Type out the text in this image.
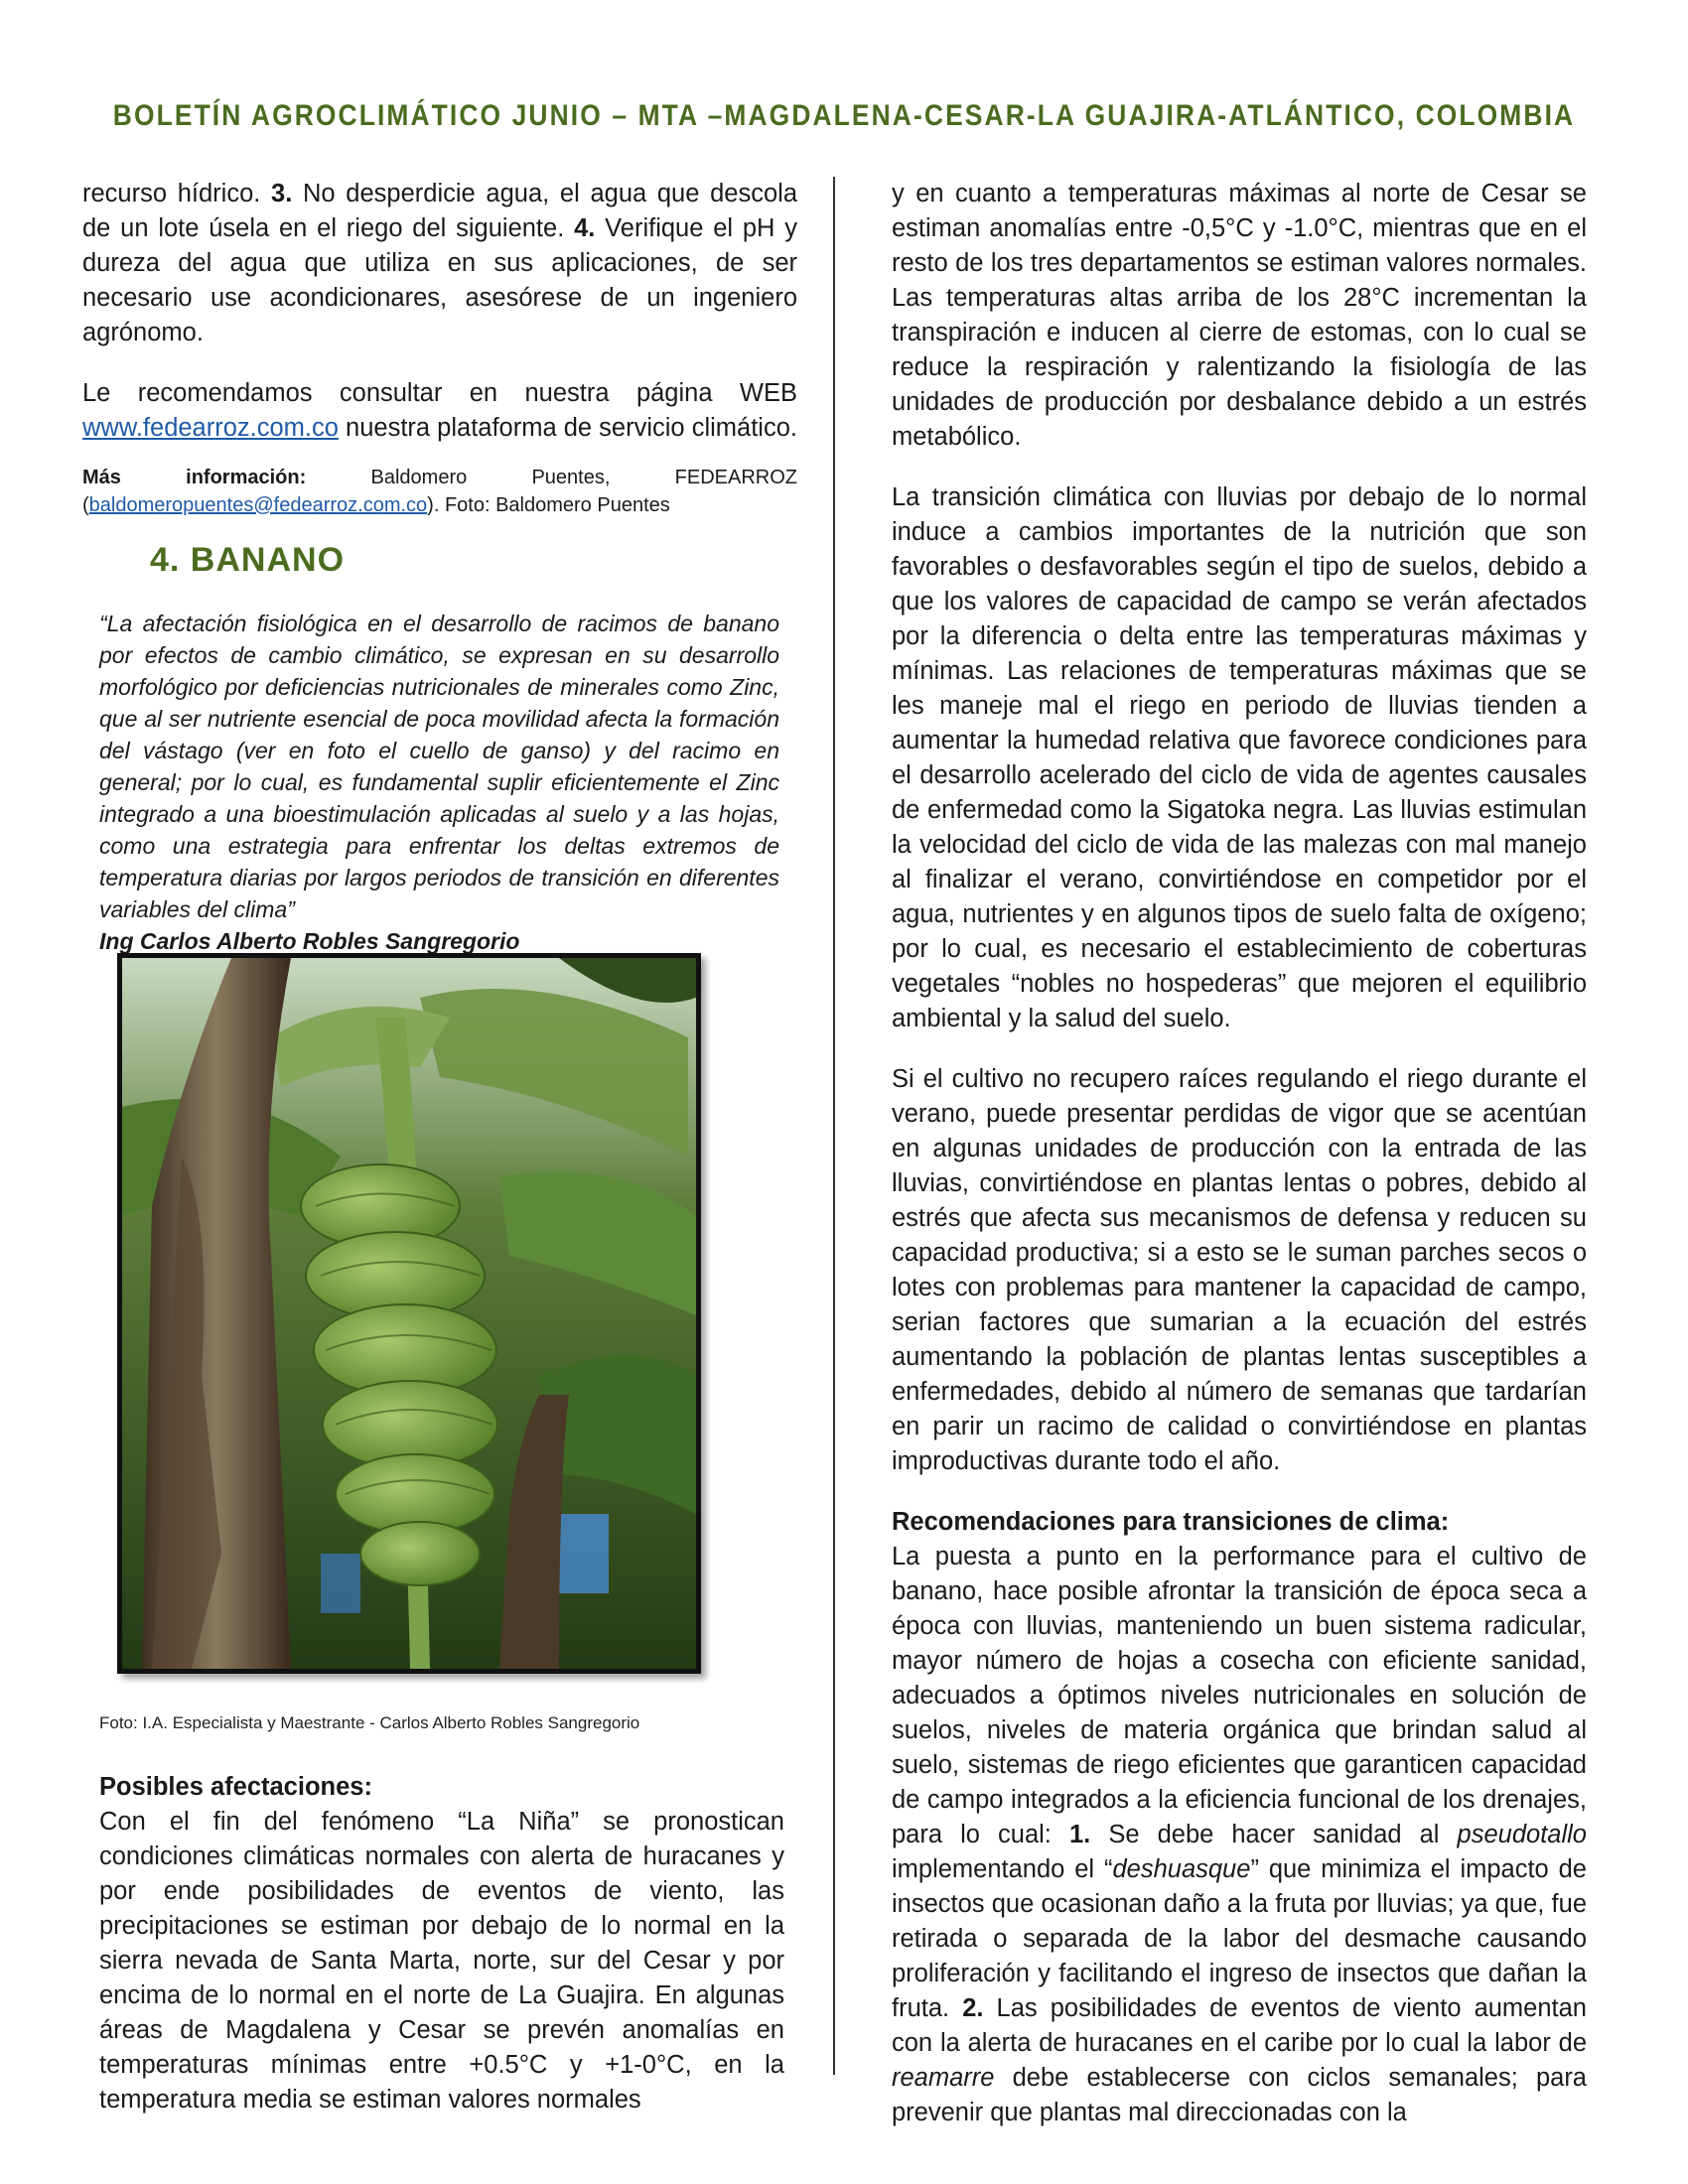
BOLETÍN AGROCLIMÁTICO JUNIO – MTA –MAGDALENA-CESAR-LA GUAJIRA-ATLÁNTICO, COLOMBIA

recurso hídrico. 3. No desperdicie agua, el agua que descola de un lote úsela en el riego del siguiente. 4. Verifique el pH y dureza del agua que utiliza en sus aplicaciones, de ser necesario use acondicionares, asesórese de un ingeniero agrónomo.

Le recomendamos consultar en nuestra página WEB www.fedearroz.com.co nuestra plataforma de servicio climático.

Más información: Baldomero Puentes, FEDEARROZ (baldomeropuentes@fedearroz.com.co). Foto: Baldomero Puentes

4. BANANO

“La afectación fisiológica en el desarrollo de racimos de banano por efectos de cambio climático, se expresan en su desarrollo morfológico por deficiencias nutricionales de minerales como Zinc, que al ser nutriente esencial de poca movilidad afecta la formación del vástago (ver en foto el cuello de ganso) y del racimo en general; por lo cual, es fundamental suplir eficientemente el Zinc integrado a una bioestimulación aplicadas al suelo y a las hojas, como una estrategia para enfrentar los deltas extremos de temperatura diarias por largos periodos de transición en diferentes variables del clima”

Ing Carlos Alberto Robles Sangregorio
Foto: I.A. Especialista y Maestrante - Carlos Alberto Robles Sangregorio
Posibles afectaciones:

Con el fin del fenómeno “La Niña” se pronostican condiciones climáticas normales con alerta de huracanes y por ende posibilidades de eventos de viento, las precipitaciones se estiman por debajo de lo normal en la sierra nevada de Santa Marta, norte, sur del Cesar y por encima de lo normal en el norte de La Guajira. En algunas áreas de Magdalena y Cesar se prevén anomalías en temperaturas mínimas entre +0.5°C y +1-0°C, en la temperatura media se estiman valores normales

y en cuanto a temperaturas máximas al norte de Cesar se estiman anomalías entre -0,5°C y -1.0°C, mientras que en el resto de los tres departamentos se estiman valores normales. Las temperaturas altas arriba de los 28°C incrementan la transpiración e inducen al cierre de estomas, con lo cual se reduce la respiración y ralentizando la fisiología de las unidades de producción por desbalance debido a un estrés metabólico.

La transición climática con lluvias por debajo de lo normal induce a cambios importantes de la nutrición que son favorables o desfavorables según el tipo de suelos, debido a que los valores de capacidad de campo se verán afectados por la diferencia o delta entre las temperaturas máximas y mínimas. Las relaciones de temperaturas máximas que se les maneje mal el riego en periodo de lluvias tienden a aumentar la humedad relativa que favorece condiciones para el desarrollo acelerado del ciclo de vida de agentes causales de enfermedad como la Sigatoka negra. Las lluvias estimulan la velocidad del ciclo de vida de las malezas con mal manejo al finalizar el verano, convirtiéndose en competidor por el agua, nutrientes y en algunos tipos de suelo falta de oxígeno; por lo cual, es necesario el establecimiento de coberturas vegetales “nobles no hospederas” que mejoren el equilibrio ambiental y la salud del suelo.

Si el cultivo no recupero raíces regulando el riego durante el verano, puede presentar perdidas de vigor que se acentúan en algunas unidades de producción con la entrada de las lluvias, convirtiéndose en plantas lentas o pobres, debido al estrés que afecta sus mecanismos de defensa y reducen su capacidad productiva; si a esto se le suman parches secos o lotes con problemas para mantener la capacidad de campo, serian factores que sumarian a la ecuación del estrés aumentando la población de plantas lentas susceptibles a enfermedades, debido al número de semanas que tardarían en parir un racimo de calidad o convirtiéndose en plantas improductivas durante todo el año.

Recomendaciones para transiciones de clima:

La puesta a punto en la performance para el cultivo de banano, hace posible afrontar la transición de época seca a época con lluvias, manteniendo un buen sistema radicular, mayor número de hojas a cosecha con eficiente sanidad, adecuados a óptimos niveles nutricionales en solución de suelos, niveles de materia orgánica que brindan salud al suelo, sistemas de riego eficientes que garanticen capacidad de campo integrados a la eficiencia funcional de los drenajes, para lo cual: 1. Se debe hacer sanidad al pseudotallo implementando el “deshuasque” que minimiza el impacto de insectos que ocasionan daño a la fruta por lluvias; ya que, fue retirada o separada de la labor del desmache causando proliferación y facilitando el ingreso de insectos que dañan la fruta. 2. Las posibilidades de eventos de viento aumentan con la alerta de huracanes en el caribe por lo cual la labor de reamarre debe establecerse con ciclos semanales; para prevenir que plantas mal direccionadas con la
